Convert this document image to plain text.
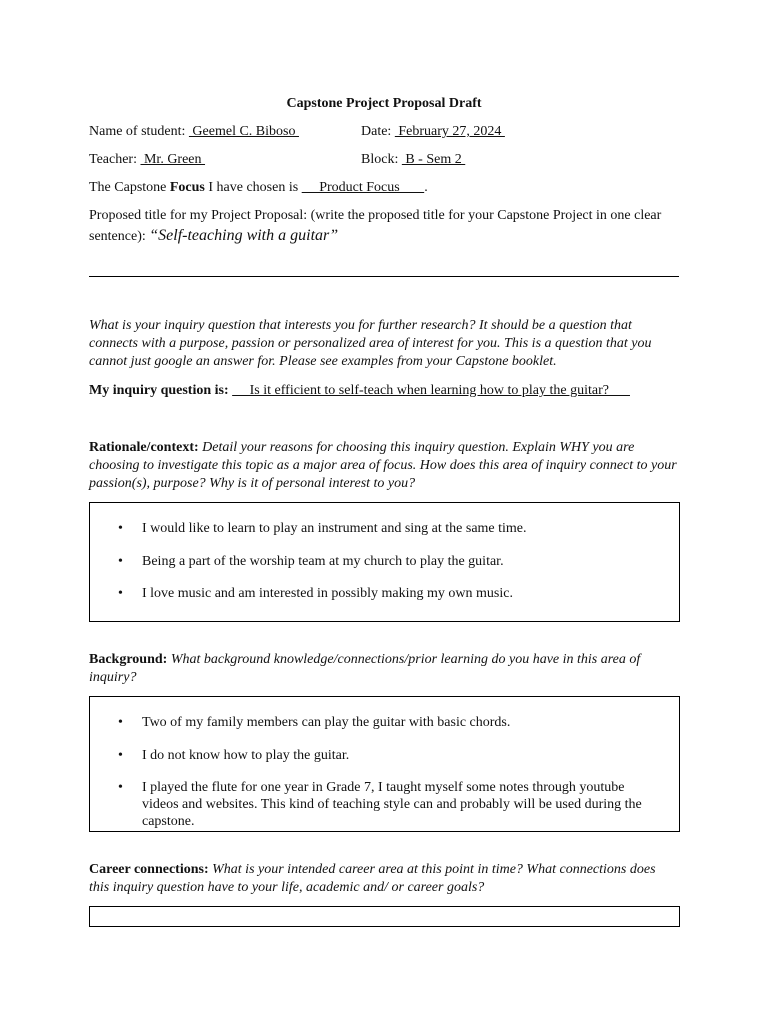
Capstone Project Proposal Draft
Name of student:  Geemel C. Biboso	Date:  February 27, 2024
Teacher:  Mr. Green	Block:  B - Sem 2
The Capstone Focus I have chosen is      Product Focus       .
Proposed title for my Project Proposal: (write the proposed title for your Capstone Project in one clear
sentence): “Self-teaching with a guitar”
What is your inquiry question that interests you for further research? It should be a question that connects with a purpose, passion or personalized area of interest for you. This is a question that you cannot just google an answer for. Please see examples from your Capstone booklet.
My inquiry question is:      Is it efficient to self-teach when learning how to play the guitar?
Rationale/context: Detail your reasons for choosing this inquiry question. Explain WHY you are choosing to investigate this topic as a major area of focus. How does this area of inquiry connect to your passion(s), purpose? Why is it of personal interest to you?
• I would like to learn to play an instrument and sing at the same time.
• Being a part of the worship team at my church to play the guitar.
• I love music and am interested in possibly making my own music.
Background: What background knowledge/connections/prior learning do you have in this area of inquiry?
• Two of my family members can play the guitar with basic chords.
• I do not know how to play the guitar.
• I played the flute for one year in Grade 7, I taught myself some notes through youtube videos and websites. This kind of teaching style can and probably will be used during the capstone.
Career connections: What is your intended career area at this point in time? What connections does this inquiry question have to your life, academic and/ or career goals?
